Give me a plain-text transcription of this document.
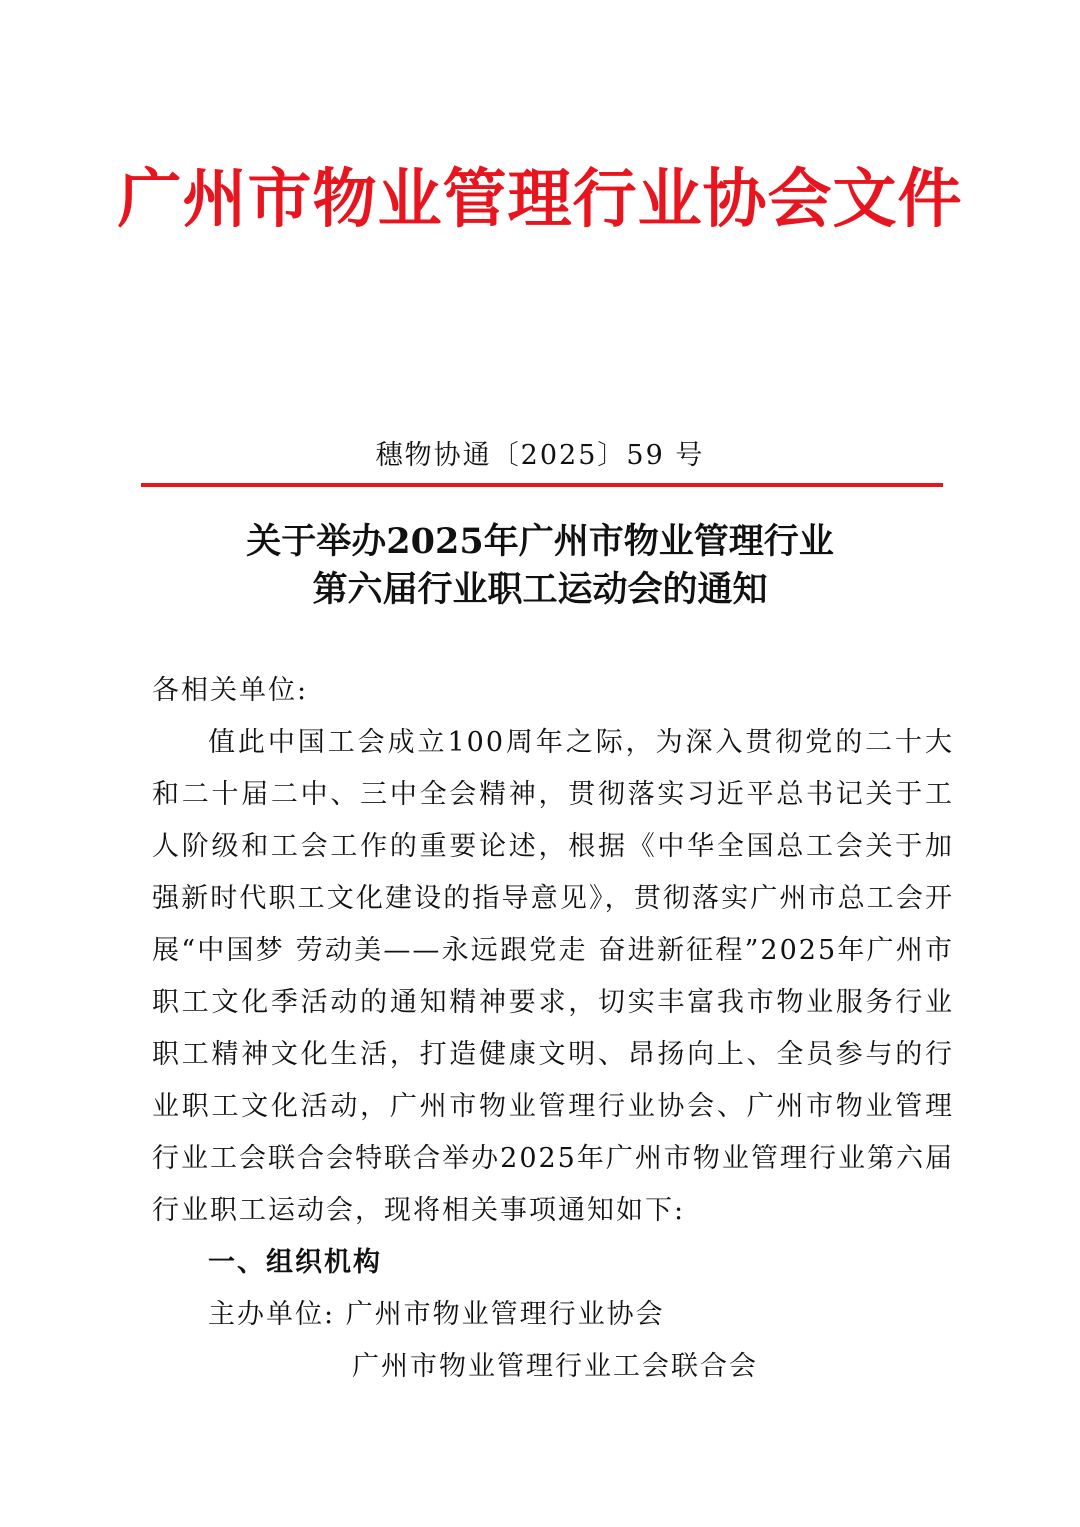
广州市物业管理行业协会文件
穗物协通〔2025〕59 号
关于举办2025年广州市物业管理行业
第六届行业职工运动会的通知

各相关单位:

值此中国工会成立100周年之际，为深入贯彻党的二十大和二十届二中、三中全会精神，贯彻落实习近平总书记关于工人阶级和工会工作的重要论述，根据《中华全国总工会关于加强新时代职工文化建设的指导意见》，贯彻落实广州市总工会开展“中国梦 劳动美——永远跟党走 奋进新征程”2025年广州市职工文化季活动的通知精神要求，切实丰富我市物业服务行业职工精神文化生活，打造健康文明、昂扬向上、全员参与的行业职工文化活动，广州市物业管理行业协会、广州市物业管理行业工会联合会特联合举办2025年广州市物业管理行业第六届行业职工运动会，现将相关事项通知如下:

一、组织机构

主办单位: 广州市物业管理行业协会

广州市物业管理行业工会联合会
